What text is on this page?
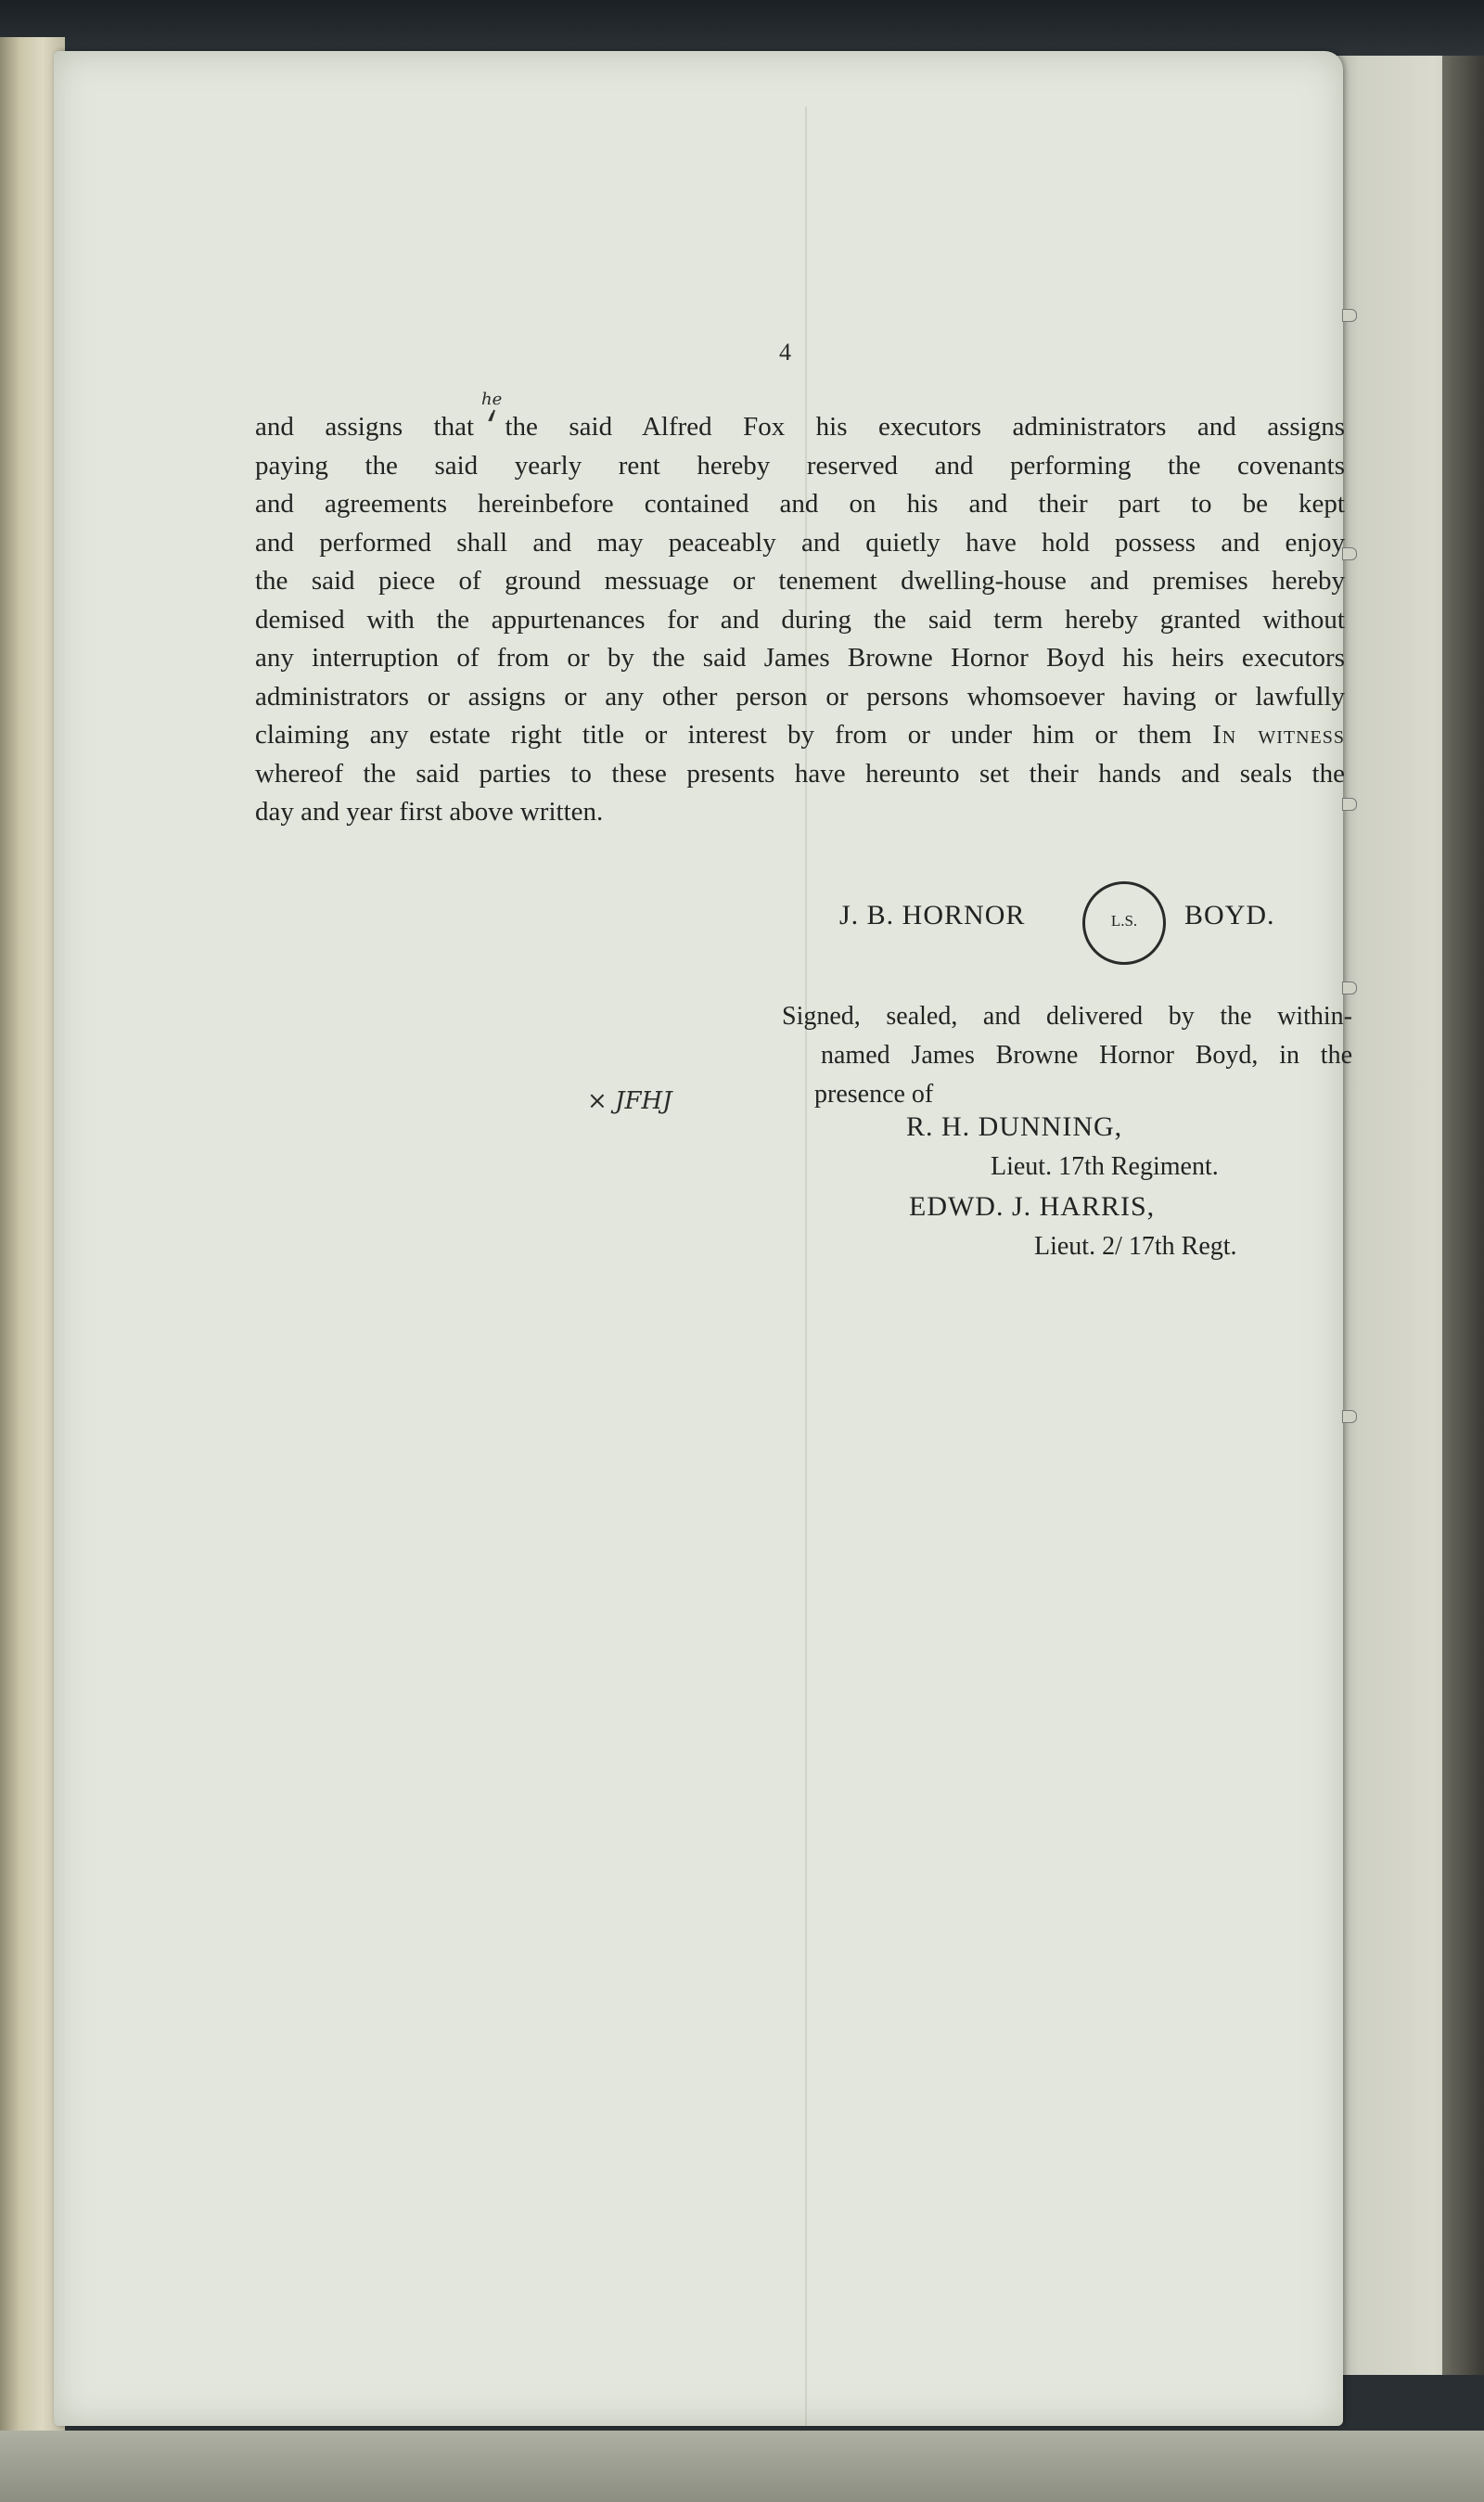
4
he
and assigns that the said Alfred Fox his executors administrators and assigns
paying the said yearly rent hereby reserved and performing the covenants
and agreements hereinbefore contained and on his and their part to be kept
and performed shall and may peaceably and quietly have hold possess and enjoy
the said piece of ground messuage or tenement dwelling-house and premises hereby
demised with the appurtenances for and during the said term hereby granted without
any interruption of from or by the said James Browne Hornor Boyd his heirs executors
administrators or assigns or any other person or persons whomsoever having or lawfully
claiming any estate right title or interest by from or under him or them In witness
whereof the said parties to these presents have hereunto set their hands and seals the
day and year first above written.
J. B. HORNOR	L.S.	BOYD.
× JFHJ
Signed, sealed, and delivered by the within-
named James Browne Hornor Boyd, in the
presence of
R. H. DUNNING,
Lieut. 17th Regiment.
EDWD. J. HARRIS,
Lieut. 2/ 17th Regt.
